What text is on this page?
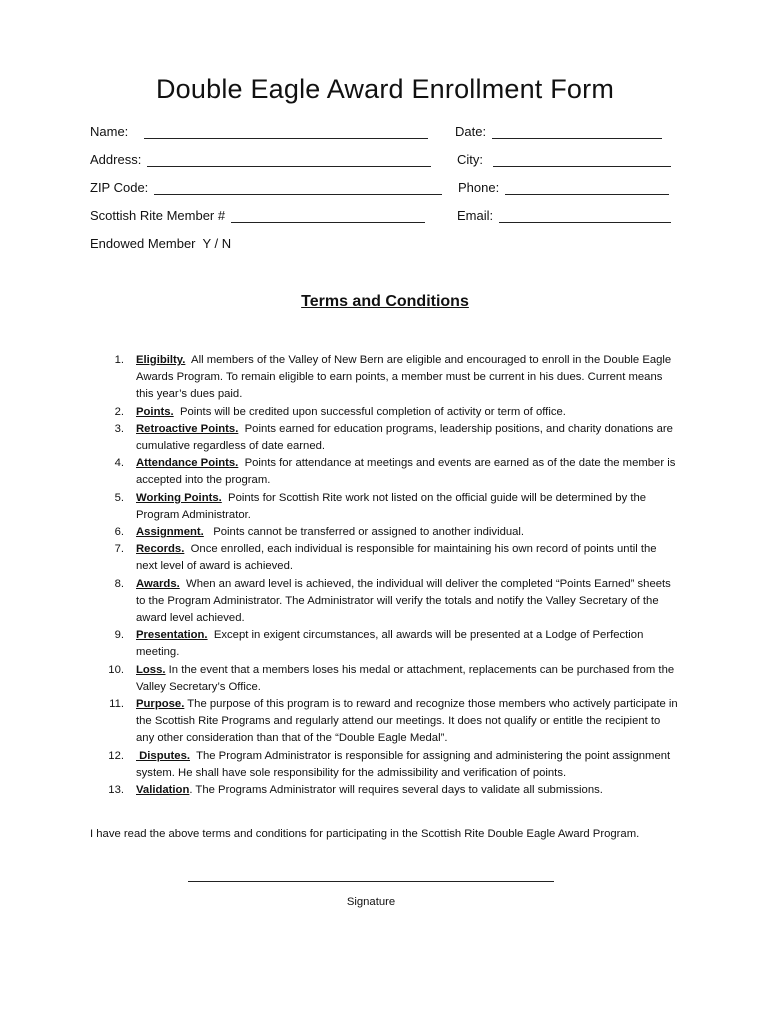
Double Eagle Award Enrollment Form
Name:	Date:
Address:	City:
ZIP Code:	Phone:
Scottish Rite Member #	Email:
Endowed Member  Y / N
Terms and Conditions
1. Eligibilty.  All members of the Valley of New Bern are eligible and encouraged to enroll in the Double Eagle Awards Program. To remain eligible to earn points, a member must be current in his dues. Current means this year’s dues paid.
2. Points.  Points will be credited upon successful completion of activity or term of office.
3. Retroactive Points.  Points earned for education programs, leadership positions, and charity donations are cumulative regardless of date earned.
4. Attendance Points.  Points for attendance at meetings and events are earned as of the date the member is accepted into the program.
5. Working Points.  Points for Scottish Rite work not listed on the official guide will be determined by the Program Administrator.
6. Assignment.   Points cannot be transferred or assigned to another individual.
7. Records.  Once enrolled, each individual is responsible for maintaining his own record of points until the next level of award is achieved.
8. Awards.  When an award level is achieved, the individual will deliver the completed “Points Earned” sheets to the Program Administrator. The Administrator will verify the totals and notify the Valley Secretary of the award level achieved.
9. Presentation.  Except in exigent circumstances, all awards will be presented at a Lodge of Perfection meeting.
10. Loss. In the event that a members loses his medal or attachment, replacements can be purchased from the Valley Secretary’s Office.
11. Purpose. The purpose of this program is to reward and recognize those members who actively participate in the Scottish Rite Programs and regularly attend our meetings. It does not qualify or entitle the recipient to any other consideration than that of the “Double Eagle Medal”.
12. Disputes.  The Program Administrator is responsible for assigning and administering the point assignment system. He shall have sole responsibility for the admissibility and verification of points.
13. Validation. The Programs Administrator will requires several days to validate all submissions.

I have read the above terms and conditions for participating in the Scottish Rite Double Eagle Award Program.

Signature
